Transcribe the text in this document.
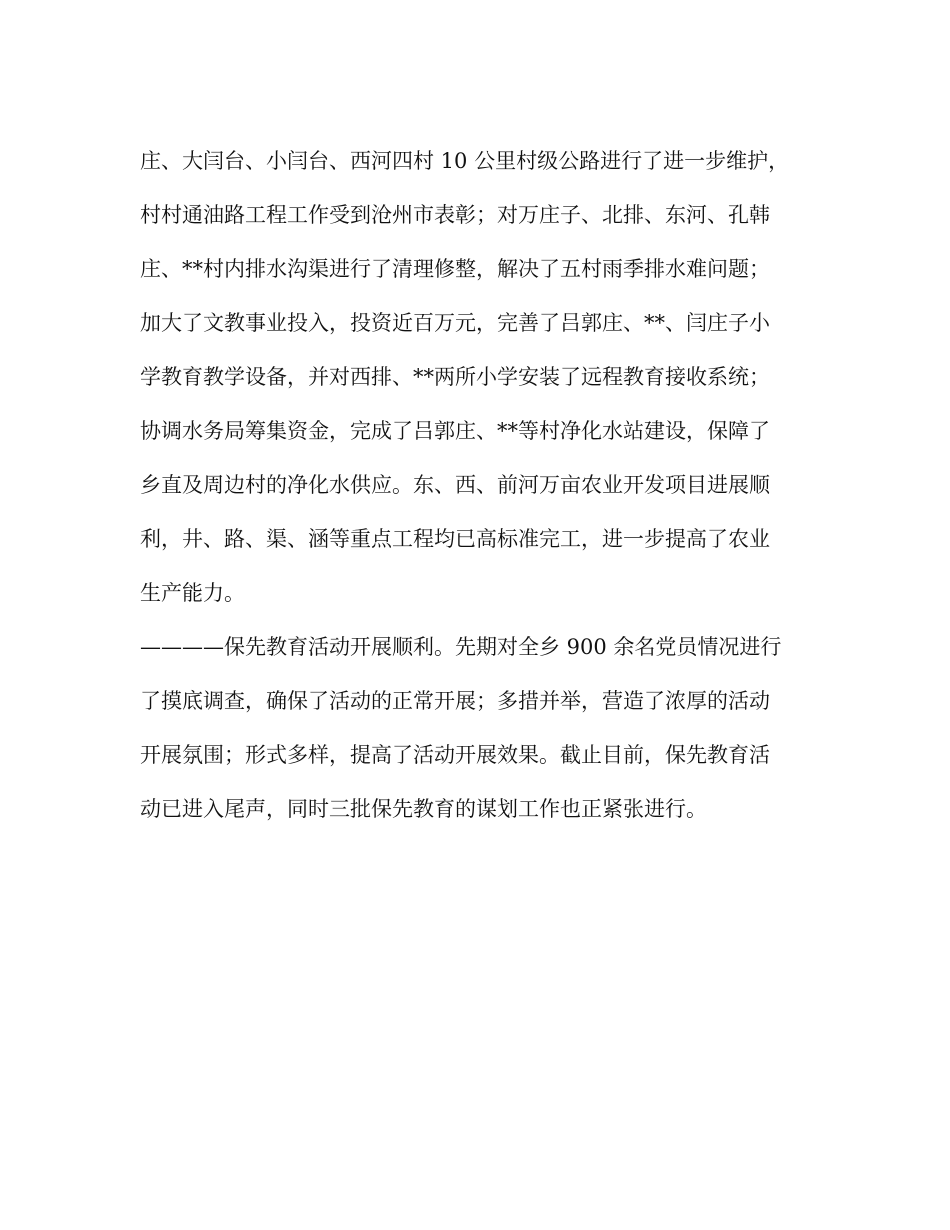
庄、大闫台、小闫台、西河四村 10 公里村级公路进行了进一步维护，
村村通油路工程工作受到沧州市表彰；对万庄子、北排、东河、孔韩
庄、**村内排水沟渠进行了清理修整，解决了五村雨季排水难问题；
加大了文教事业投入，投资近百万元，完善了吕郭庄、**、闫庄子小
学教育教学设备，并对西排、**两所小学安装了远程教育接收系统；
协调水务局筹集资金，完成了吕郭庄、**等村净化水站建设，保障了
乡直及周边村的净化水供应。东、西、前河万亩农业开发项目进展顺
利，井、路、渠、涵等重点工程均已高标准完工，进一步提高了农业
生产能力。
————保先教育活动开展顺利。先期对全乡 900 余名党员情况进行
了摸底调查，确保了活动的正常开展；多措并举，营造了浓厚的活动
开展氛围；形式多样，提高了活动开展效果。截止目前，保先教育活
动已进入尾声，同时三批保先教育的谋划工作也正紧张进行。
